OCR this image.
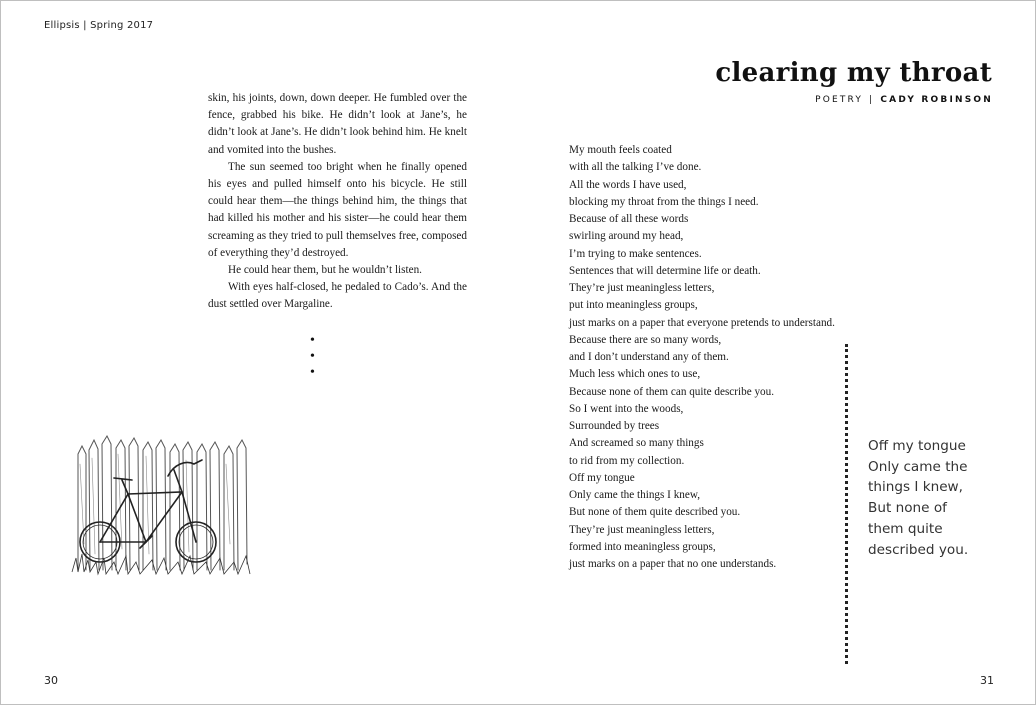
Ellipsis | Spring 2017

skin, his joints, down, down deeper. He fumbled over the fence, grabbed his bike. He didn’t look at Jane’s, he didn’t look at Jane’s. He didn’t look behind him. He knelt and vomited into the bushes.

The sun seemed too bright when he finally opened his eyes and pulled himself onto his bicycle. He still could hear them—the things behind him, the things that had killed his mother and his sister—he could hear them screaming as they tried to pull themselves free, composed of everything they’d destroyed.

He could hear them, but he wouldn’t listen.

With eyes half-closed, he pedaled to Cado’s. And the dust settled over Margaline.

• • •
clearing my throat
POETRY | CADY ROBINSON
My mouth feels coated
with all the talking I’ve done.
All the words I have used,
blocking my throat from the things I need.
Because of all these words
swirling around my head,
I’m trying to make sentences.
Sentences that will determine life or death.
They’re just meaningless letters,
put into meaningless groups,
just marks on a paper that everyone pretends to understand.
Because there are so many words,
and I don’t understand any of them.
Much less which ones to use,
Because none of them can quite describe you.
So I went into the woods,
Surrounded by trees
And screamed so many things
to rid from my collection.
Off my tongue
Only came the things I knew,
But none of them quite described you.
They’re just meaningless letters,
formed into meaningless groups,
just marks on a paper that no one understands.
Off my tongue
Only came the
things I knew,
But none of
them quite
described you.
30	31
